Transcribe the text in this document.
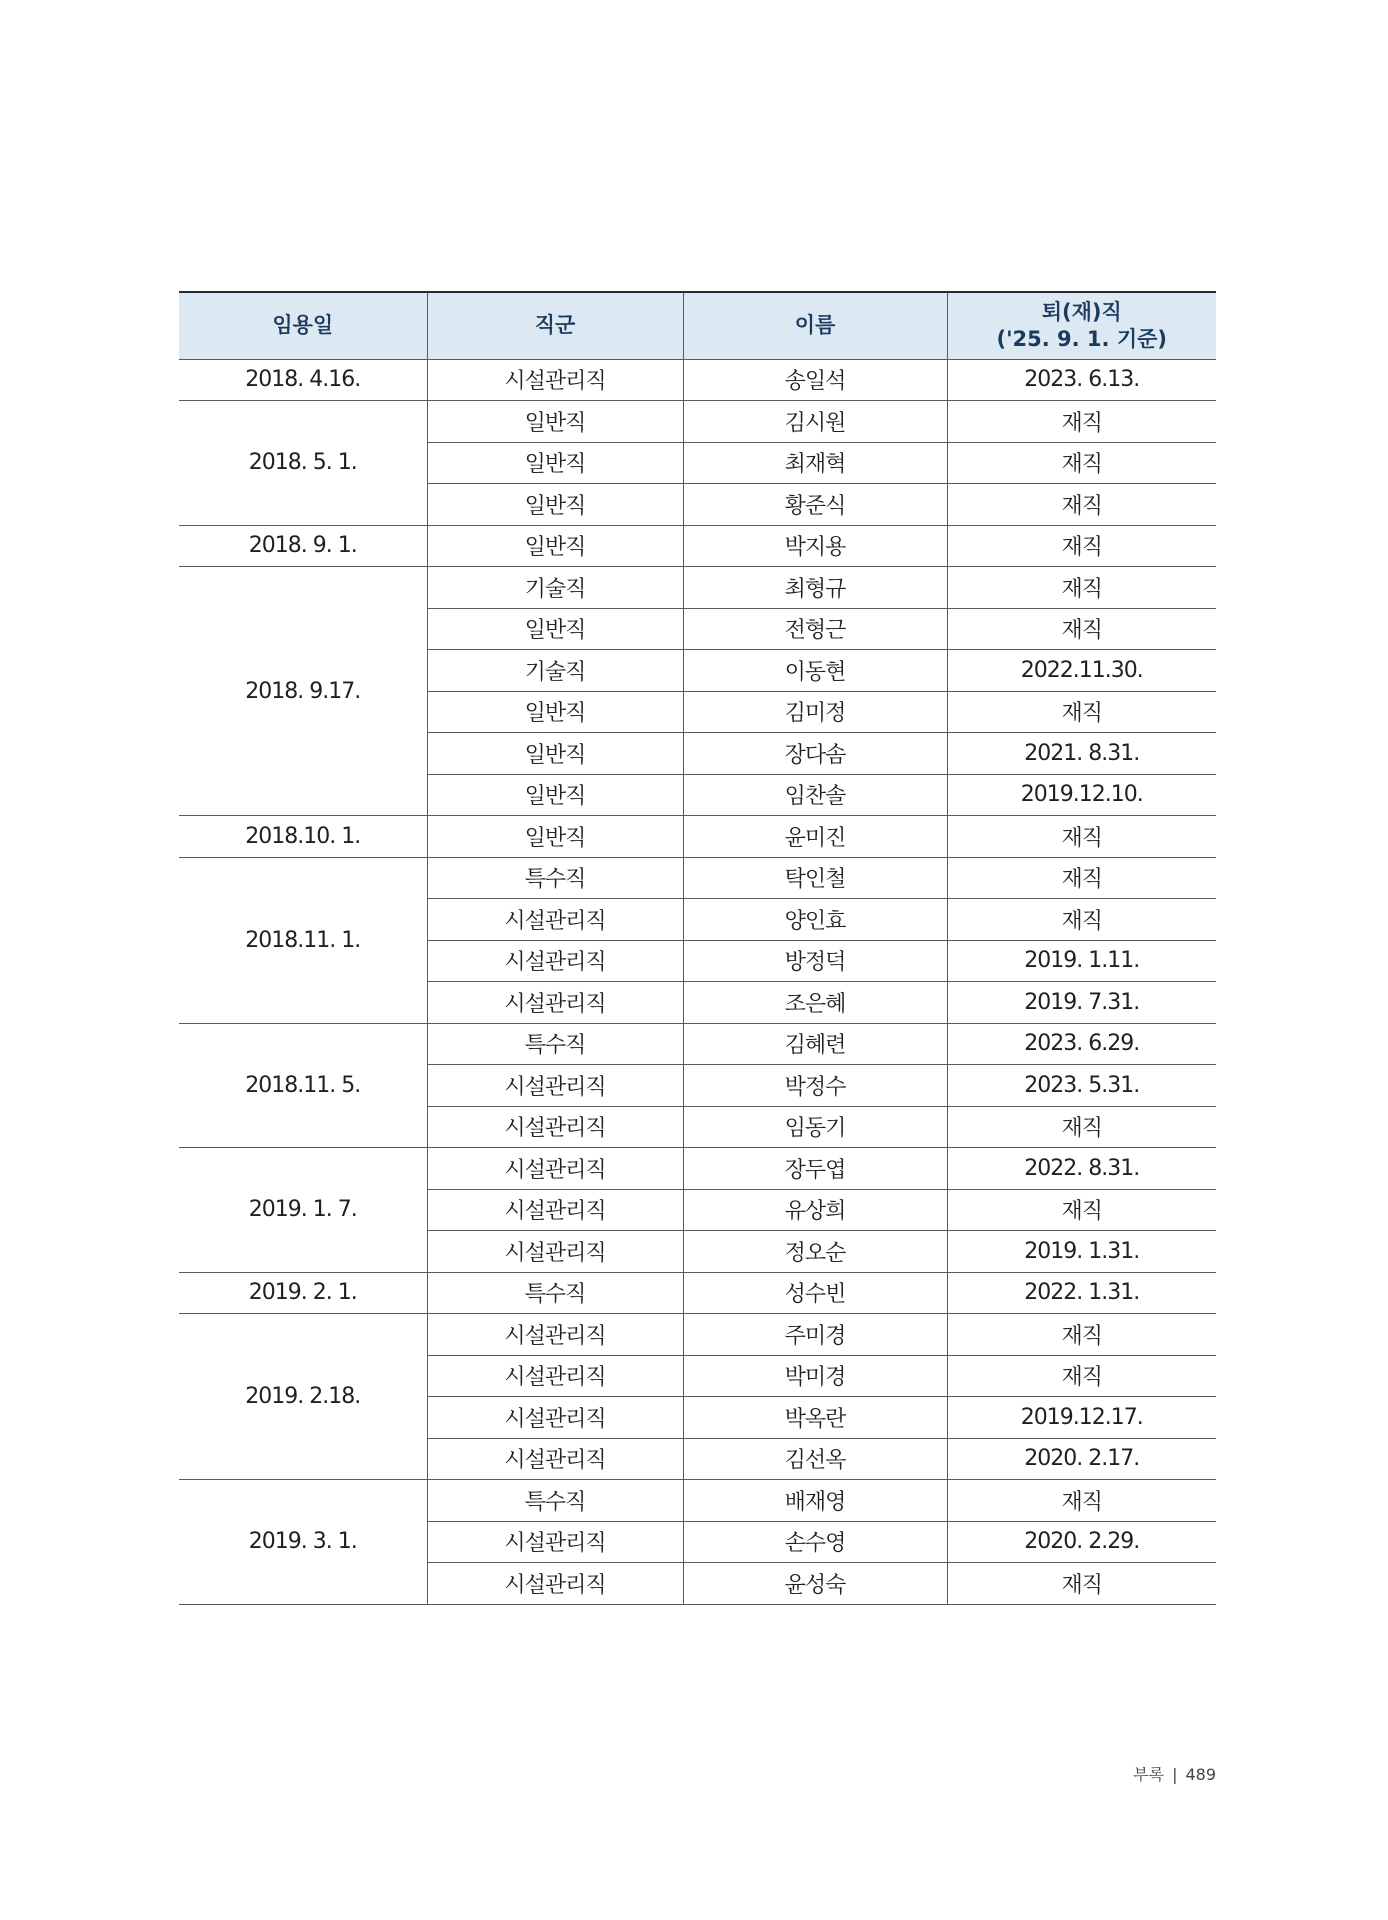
임용일	직군	이름	퇴(재)직
('25. 9. 1. 기준)

2018. 4.16.	시설관리직	송일석	2023. 6.13.
2018. 5. 1.	일반직	김시원	재직
	일반직	최재혁	재직
	일반직	황준식	재직
2018. 9. 1.	일반직	박지용	재직
2018. 9.17.	기술직	최형규	재직
	일반직	전형근	재직
	기술직	이동현	2022.11.30.
	일반직	김미정	재직
	일반직	장다솜	2021. 8.31.
	일반직	임찬솔	2019.12.10.
2018.10. 1.	일반직	윤미진	재직
2018.11. 1.	특수직	탁인철	재직
	시설관리직	양인효	재직
	시설관리직	방정덕	2019. 1.11.
	시설관리직	조은혜	2019. 7.31.
2018.11. 5.	특수직	김혜련	2023. 6.29.
	시설관리직	박정수	2023. 5.31.
	시설관리직	임동기	재직
2019. 1. 7.	시설관리직	장두엽	2022. 8.31.
	시설관리직	유상희	재직
	시설관리직	정오순	2019. 1.31.
2019. 2. 1.	특수직	성수빈	2022. 1.31.
2019. 2.18.	시설관리직	주미경	재직
	시설관리직	박미경	재직
	시설관리직	박옥란	2019.12.17.
	시설관리직	김선옥	2020. 2.17.
2019. 3. 1.	특수직	배재영	재직
	시설관리직	손수영	2020. 2.29.
	시설관리직	윤성숙	재직
부록 | 489
